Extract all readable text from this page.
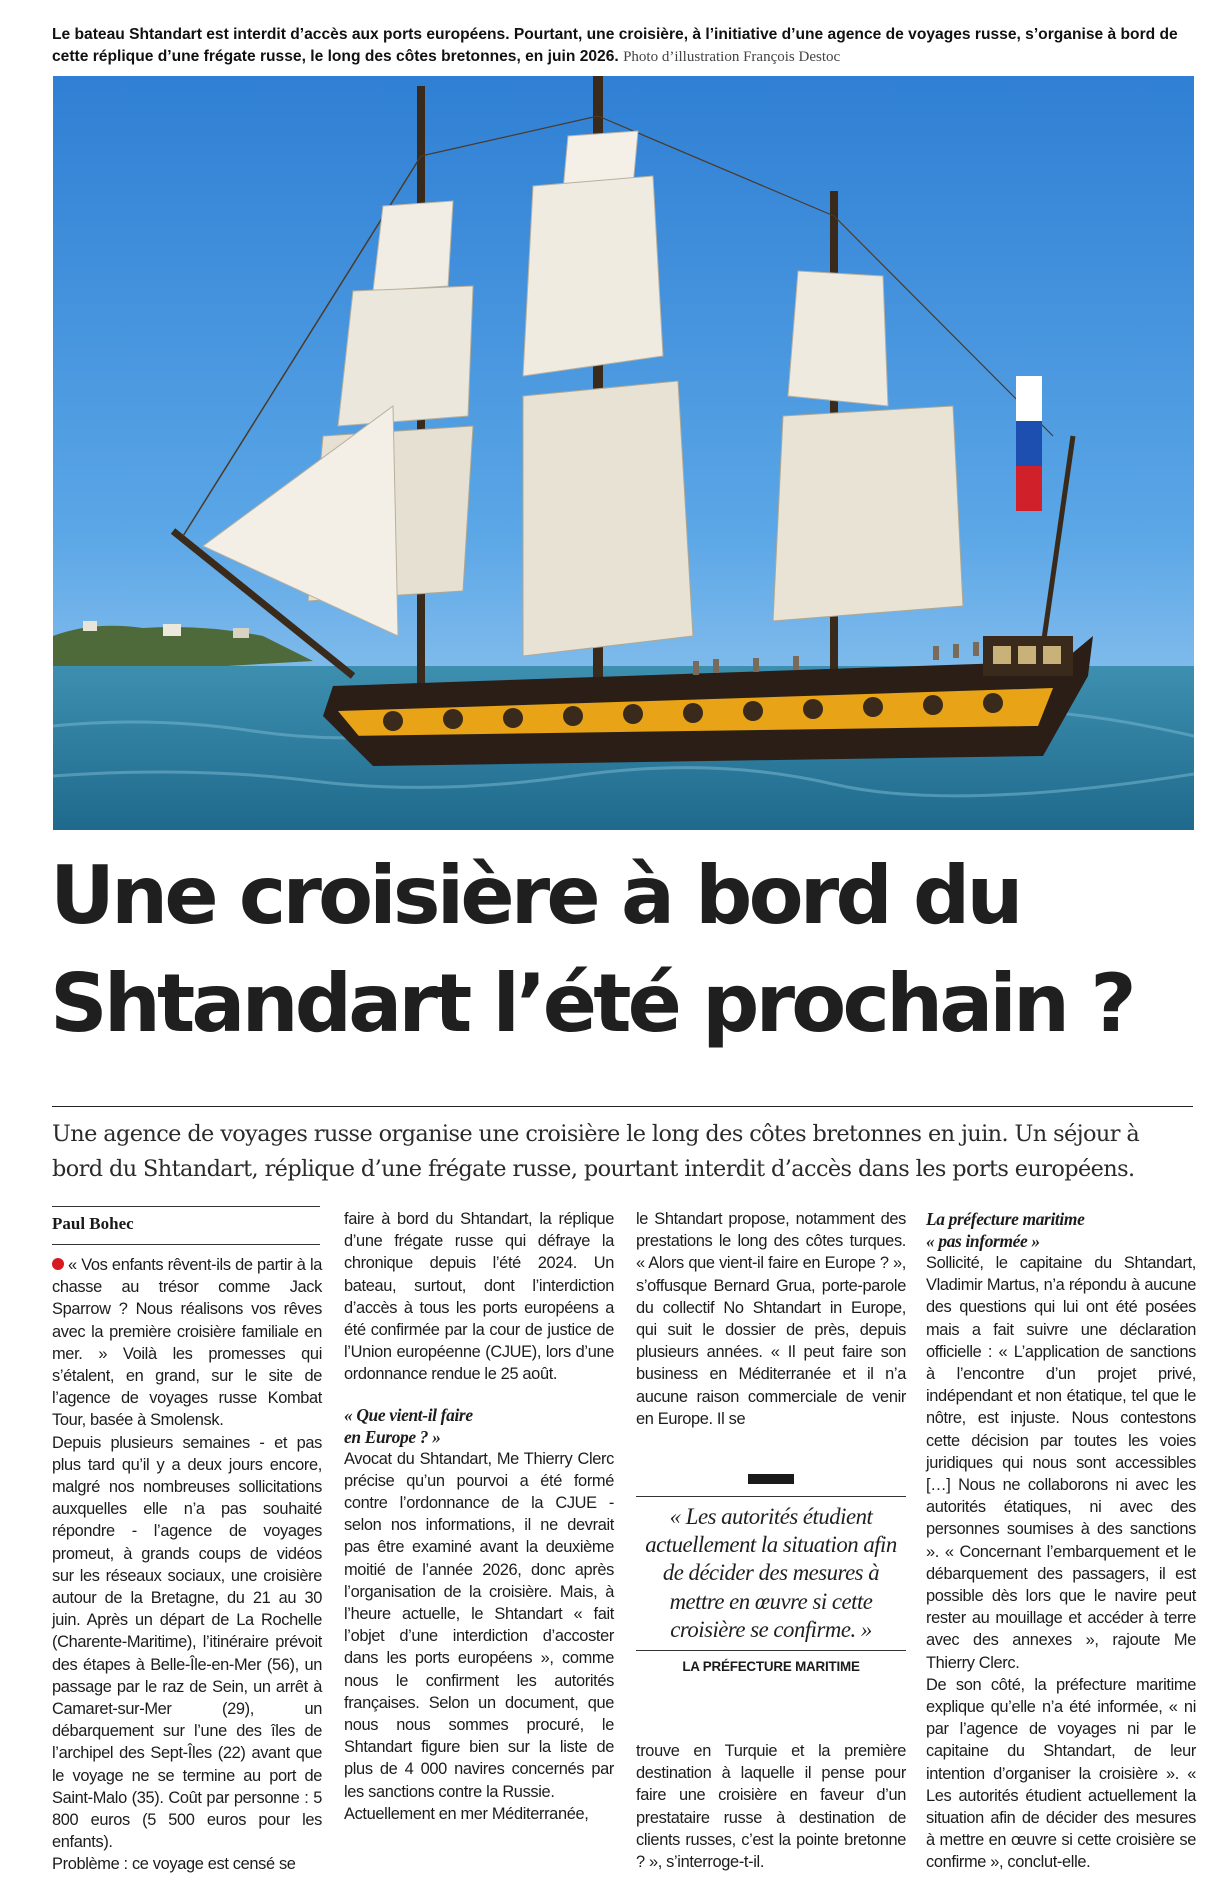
Le bateau Shtandart est interdit d’accès aux ports européens. Pourtant, une croisière, à l’initiative d’une agence de voyages russe, s’organise à bord de cette réplique d’une frégate russe, le long des côtes bretonnes, en juin 2026. Photo d’illustration François Destoc
Une croisière à bord du
Shtandart l’été prochain ?

Une agence de voyages russe organise une croisière le long des côtes bretonnes en juin. Un séjour à
bord du Shtandart, réplique d’une frégate russe, pourtant interdit d’accès dans les ports européens.

Paul Bohec

« Vos enfants rêvent-ils de partir à la chasse au trésor comme Jack Sparrow ? Nous réalisons vos rêves avec la première croisière familiale en mer. » Voilà les promesses qui s’étalent, en grand, sur le site de l’agence de voyages russe Kombat Tour, basée à Smolensk.

Depuis plusieurs semaines - et pas plus tard qu’il y a deux jours encore, malgré nos nombreuses sollicitations auxquelles elle n’a pas souhaité répondre - l’agence de voyages promeut, à grands coups de vidéos sur les réseaux sociaux, une croisière autour de la Bretagne, du 21 au 30 juin. Après un départ de La Rochelle (Charente-Maritime), l’itinéraire prévoit des étapes à Belle-Île-en-Mer (56), un passage par le raz de Sein, un arrêt à Camaret-sur-Mer (29), un débarquement sur l’une des îles de l’archipel des Sept-Îles (22) avant que le voyage ne se termine au port de Saint-Malo (35). Coût par personne : 5 800 euros (5 500 euros pour les enfants).

Problème : ce voyage est censé se

faire à bord du Shtandart, la réplique d’une frégate russe qui défraye la chronique depuis l’été 2024. Un bateau, surtout, dont l’interdiction d’accès à tous les ports européens a été confirmée par la cour de justice de l’Union européenne (CJUE), lors d’une ordonnance rendue le 25 août.

« Que vient-il faire
en Europe ? »

Avocat du Shtandart, Me Thierry Clerc précise qu’un pourvoi a été formé contre l’ordonnance de la CJUE - selon nos informations, il ne devrait pas être examiné avant la deuxième moitié de l’année 2026, donc après l’organisation de la croisière. Mais, à l’heure actuelle, le Shtandart « fait l’objet d’une interdiction d’accoster dans les ports européens », comme nous le confirment les autorités françaises. Selon un document, que nous nous sommes procuré, le Shtandart figure bien sur la liste de plus de 4 000 navires concernés par les sanctions contre la Russie.

Actuellement en mer Méditerranée,

le Shtandart propose, notamment des prestations le long des côtes turques. « Alors que vient-il faire en Europe ? », s’offusque Bernard Grua, porte-parole du collectif No Shtandart in Europe, qui suit le dossier de près, depuis plusieurs années. « Il peut faire son business en Méditerranée et il n’a aucune raison commerciale de venir en Europe. Il se

« Les autorités étudient actuellement la situation afin de décider des mesures à mettre en œuvre si cette croisière se confirme. »

LA PRÉFECTURE MARITIME

trouve en Turquie et la première destination à laquelle il pense pour faire une croisière en faveur d’un prestataire russe à destination de clients russes, c’est la pointe bretonne ? », s’interroge-t-il.

La préfecture maritime
« pas informée »

Sollicité, le capitaine du Shtandart, Vladimir Martus, n’a répondu à aucune des questions qui lui ont été posées mais a fait suivre une déclaration officielle : « L’application de sanctions à l’encontre d’un projet privé, indépendant et non étatique, tel que le nôtre, est injuste. Nous contestons cette décision par toutes les voies juridiques qui nous sont accessibles […] Nous ne collaborons ni avec les autorités étatiques, ni avec des personnes soumises à des sanctions ». « Concernant l’embarquement et le débarquement des passagers, il est possible dès lors que le navire peut rester au mouillage et accéder à terre avec des annexes », rajoute Me Thierry Clerc.

De son côté, la préfecture maritime explique qu’elle n’a été informée, « ni par l’agence de voyages ni par le capitaine du Shtandart, de leur intention d’organiser la croisière ». « Les autorités étudient actuellement la situation afin de décider des mesures à mettre en œuvre si cette croisière se confirme », conclut-elle.
